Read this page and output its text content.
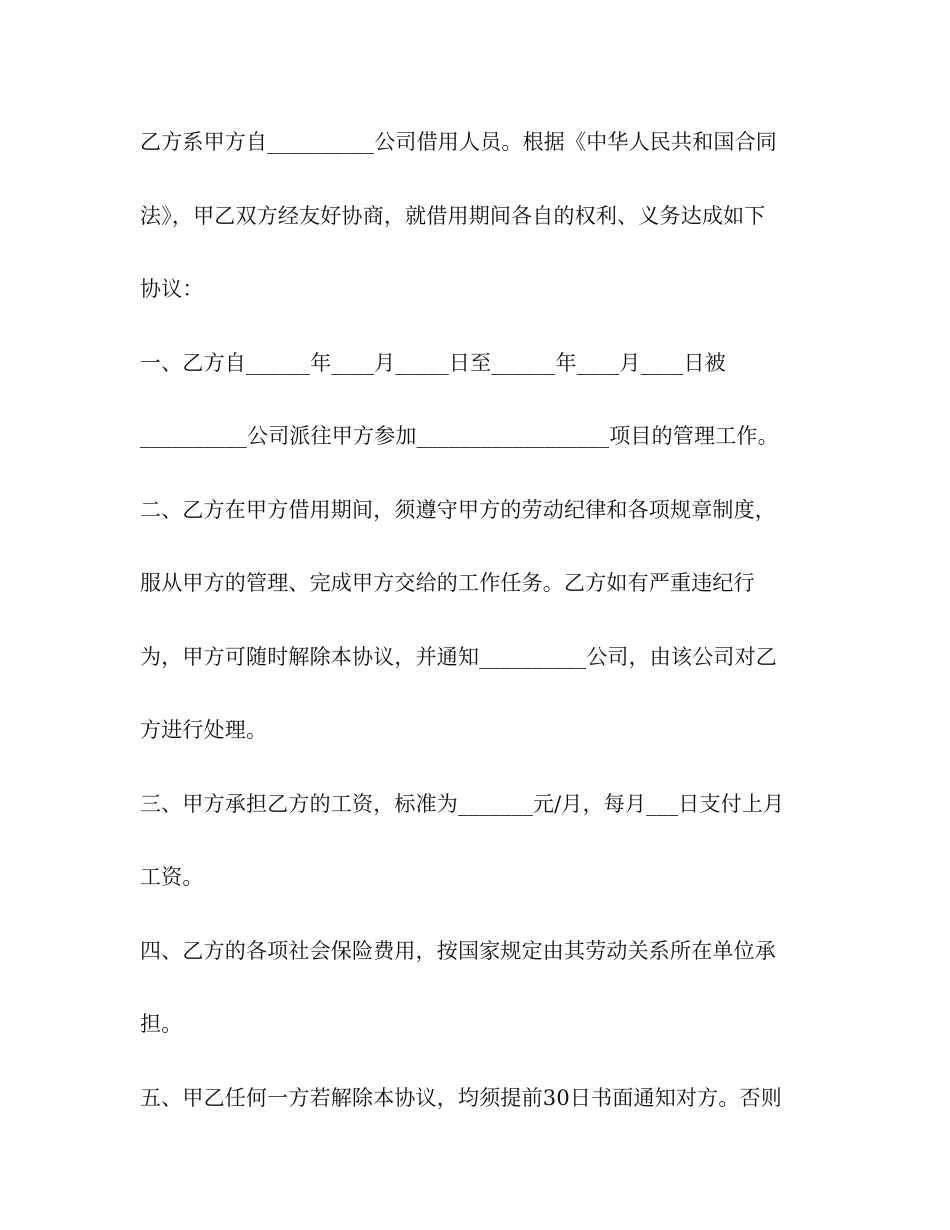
乙方系甲方自__________公司借用人员。根据《中华人民共和国合同
法》，甲乙双方经友好协商，就借用期间各自的权利、义务达成如下
协议：
一、乙方自______年____月_____日至______年____月____日被
__________公司派往甲方参加__________________项目的管理工作。
二、乙方在甲方借用期间，须遵守甲方的劳动纪律和各项规章制度，
服从甲方的管理、完成甲方交给的工作任务。乙方如有严重违纪行
为，甲方可随时解除本协议，并通知__________公司，由该公司对乙
方进行处理。
三、甲方承担乙方的工资，标准为_______元/月，每月___日支付上月
工资。
四、乙方的各项社会保险费用，按国家规定由其劳动关系所在单位承
担。
五、甲乙任何一方若解除本协议，均须提前30日书面通知对方。否则
